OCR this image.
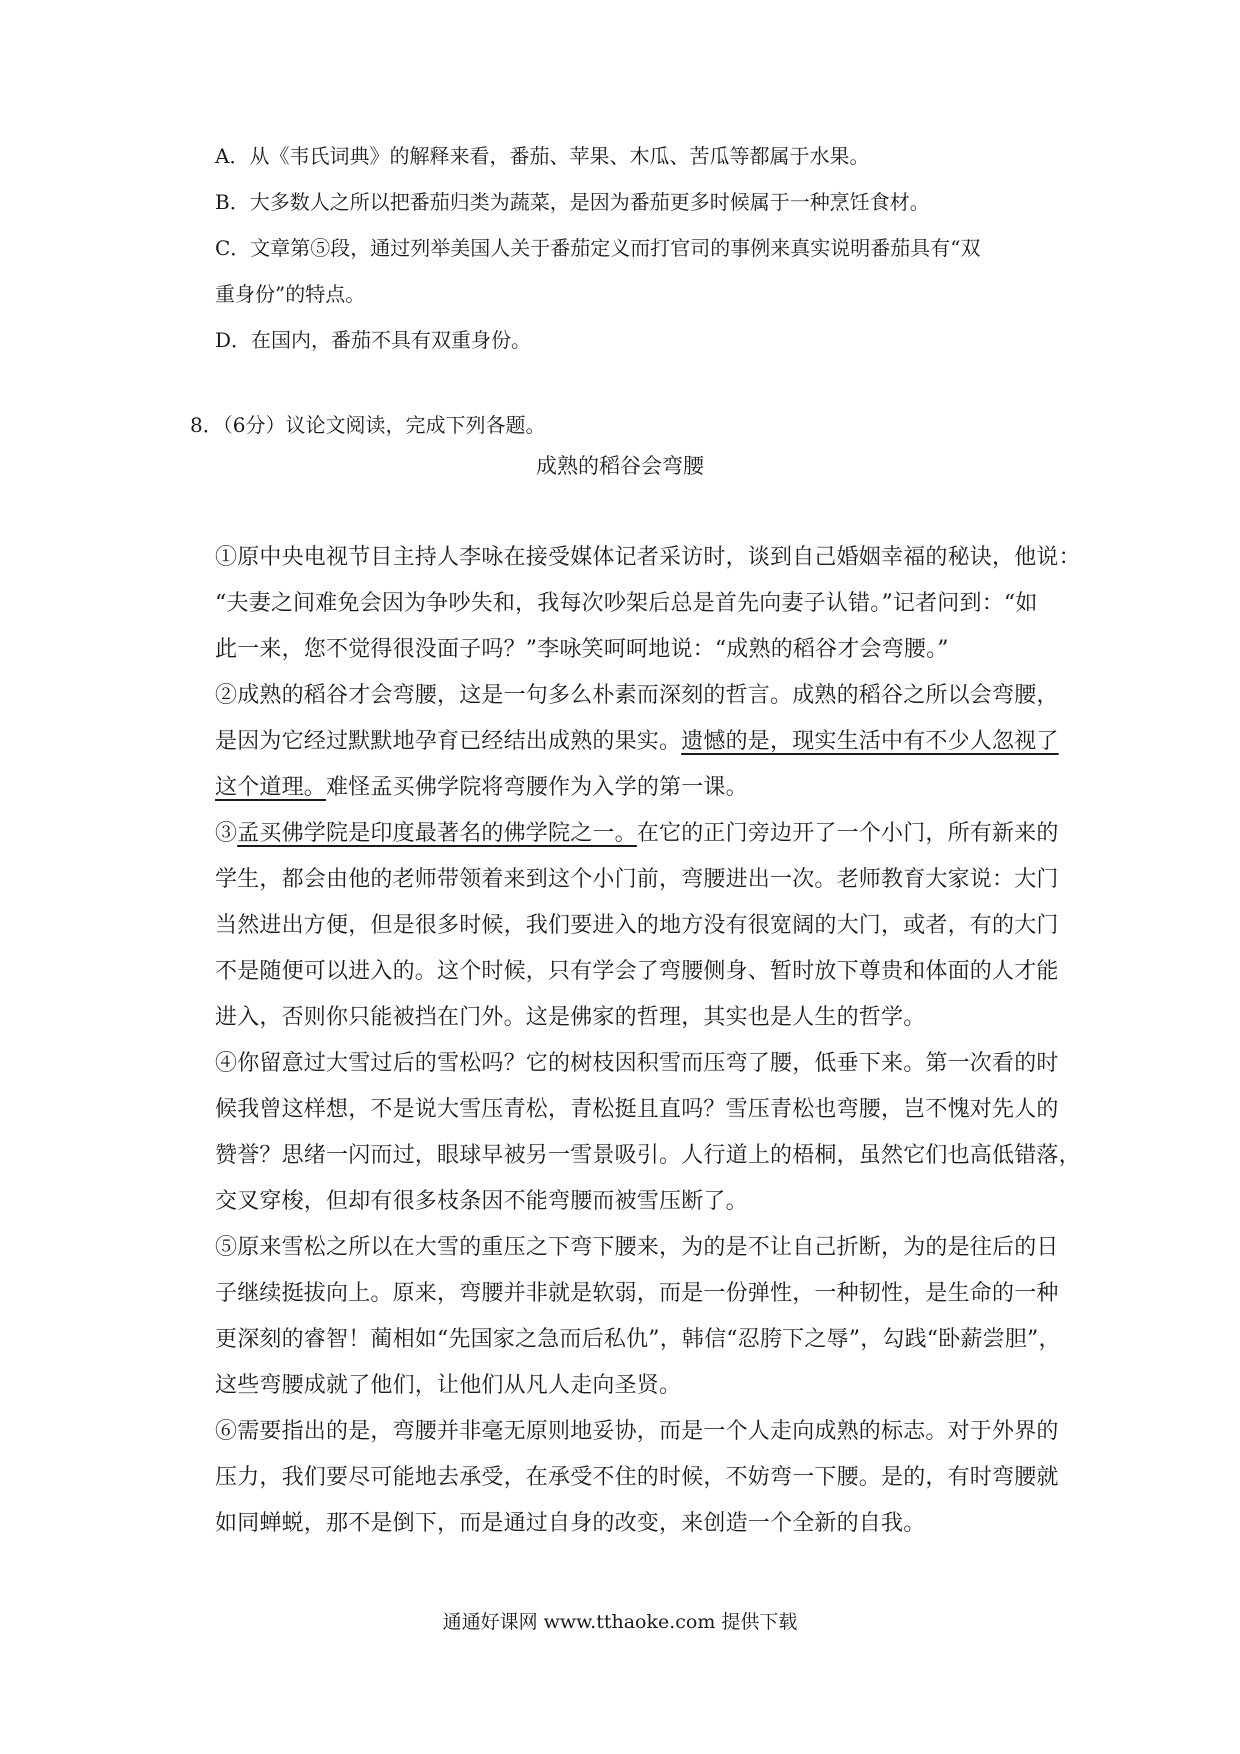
A．从《韦氏词典》的解释来看，番茄、苹果、木瓜、苦瓜等都属于水果。

B．大多数人之所以把番茄归类为蔬菜，是因为番茄更多时候属于一种烹饪食材。

C．文章第⑤段，通过列举美国人关于番茄定义而打官司的事例来真实说明番茄具有“双
重身份”的特点。

D．在国内，番茄不具有双重身份。

8．（6分）议论文阅读，完成下列各题。

成熟的稻谷会弯腰

①原中央电视节目主持人李咏在接受媒体记者采访时，谈到自己婚姻幸福的秘诀，他说：
“夫妻之间难免会因为争吵失和，我每次吵架后总是首先向妻子认错。”记者问到：“如
此一来，您不觉得很没面子吗？”李咏笑呵呵地说：“成熟的稻谷才会弯腰。”
②成熟的稻谷才会弯腰，这是一句多么朴素而深刻的哲言。成熟的稻谷之所以会弯腰，
是因为它经过默默地孕育已经结出成熟的果实。遗憾的是，现实生活中有不少人忽视了
这个道理。难怪孟买佛学院将弯腰作为入学的第一课。
③孟买佛学院是印度最著名的佛学院之一。在它的正门旁边开了一个小门，所有新来的
学生，都会由他的老师带领着来到这个小门前，弯腰进出一次。老师教育大家说：大门
当然进出方便，但是很多时候，我们要进入的地方没有很宽阔的大门，或者，有的大门
不是随便可以进入的。这个时候，只有学会了弯腰侧身、暂时放下尊贵和体面的人才能
进入，否则你只能被挡在门外。这是佛家的哲理，其实也是人生的哲学。
④你留意过大雪过后的雪松吗？它的树枝因积雪而压弯了腰，低垂下来。第一次看的时
候我曾这样想，不是说大雪压青松，青松挺且直吗？雪压青松也弯腰，岂不愧对先人的
赞誉？思绪一闪而过，眼球早被另一雪景吸引。人行道上的梧桐，虽然它们也高低错落，
交叉穿梭，但却有很多枝条因不能弯腰而被雪压断了。
⑤原来雪松之所以在大雪的重压之下弯下腰来，为的是不让自己折断，为的是往后的日
子继续挺拔向上。原来，弯腰并非就是软弱，而是一份弹性，一种韧性，是生命的一种
更深刻的睿智！蔺相如“先国家之急而后私仇”，韩信“忍胯下之辱”，勾践“卧薪尝胆”，
这些弯腰成就了他们，让他们从凡人走向圣贤。
⑥需要指出的是，弯腰并非毫无原则地妥协，而是一个人走向成熟的标志。对于外界的
压力，我们要尽可能地去承受，在承受不住的时候，不妨弯一下腰。是的，有时弯腰就
如同蝉蜕，那不是倒下，而是通过自身的改变，来创造一个全新的自我。

通通好课网 www.tthaoke.com 提供下载
